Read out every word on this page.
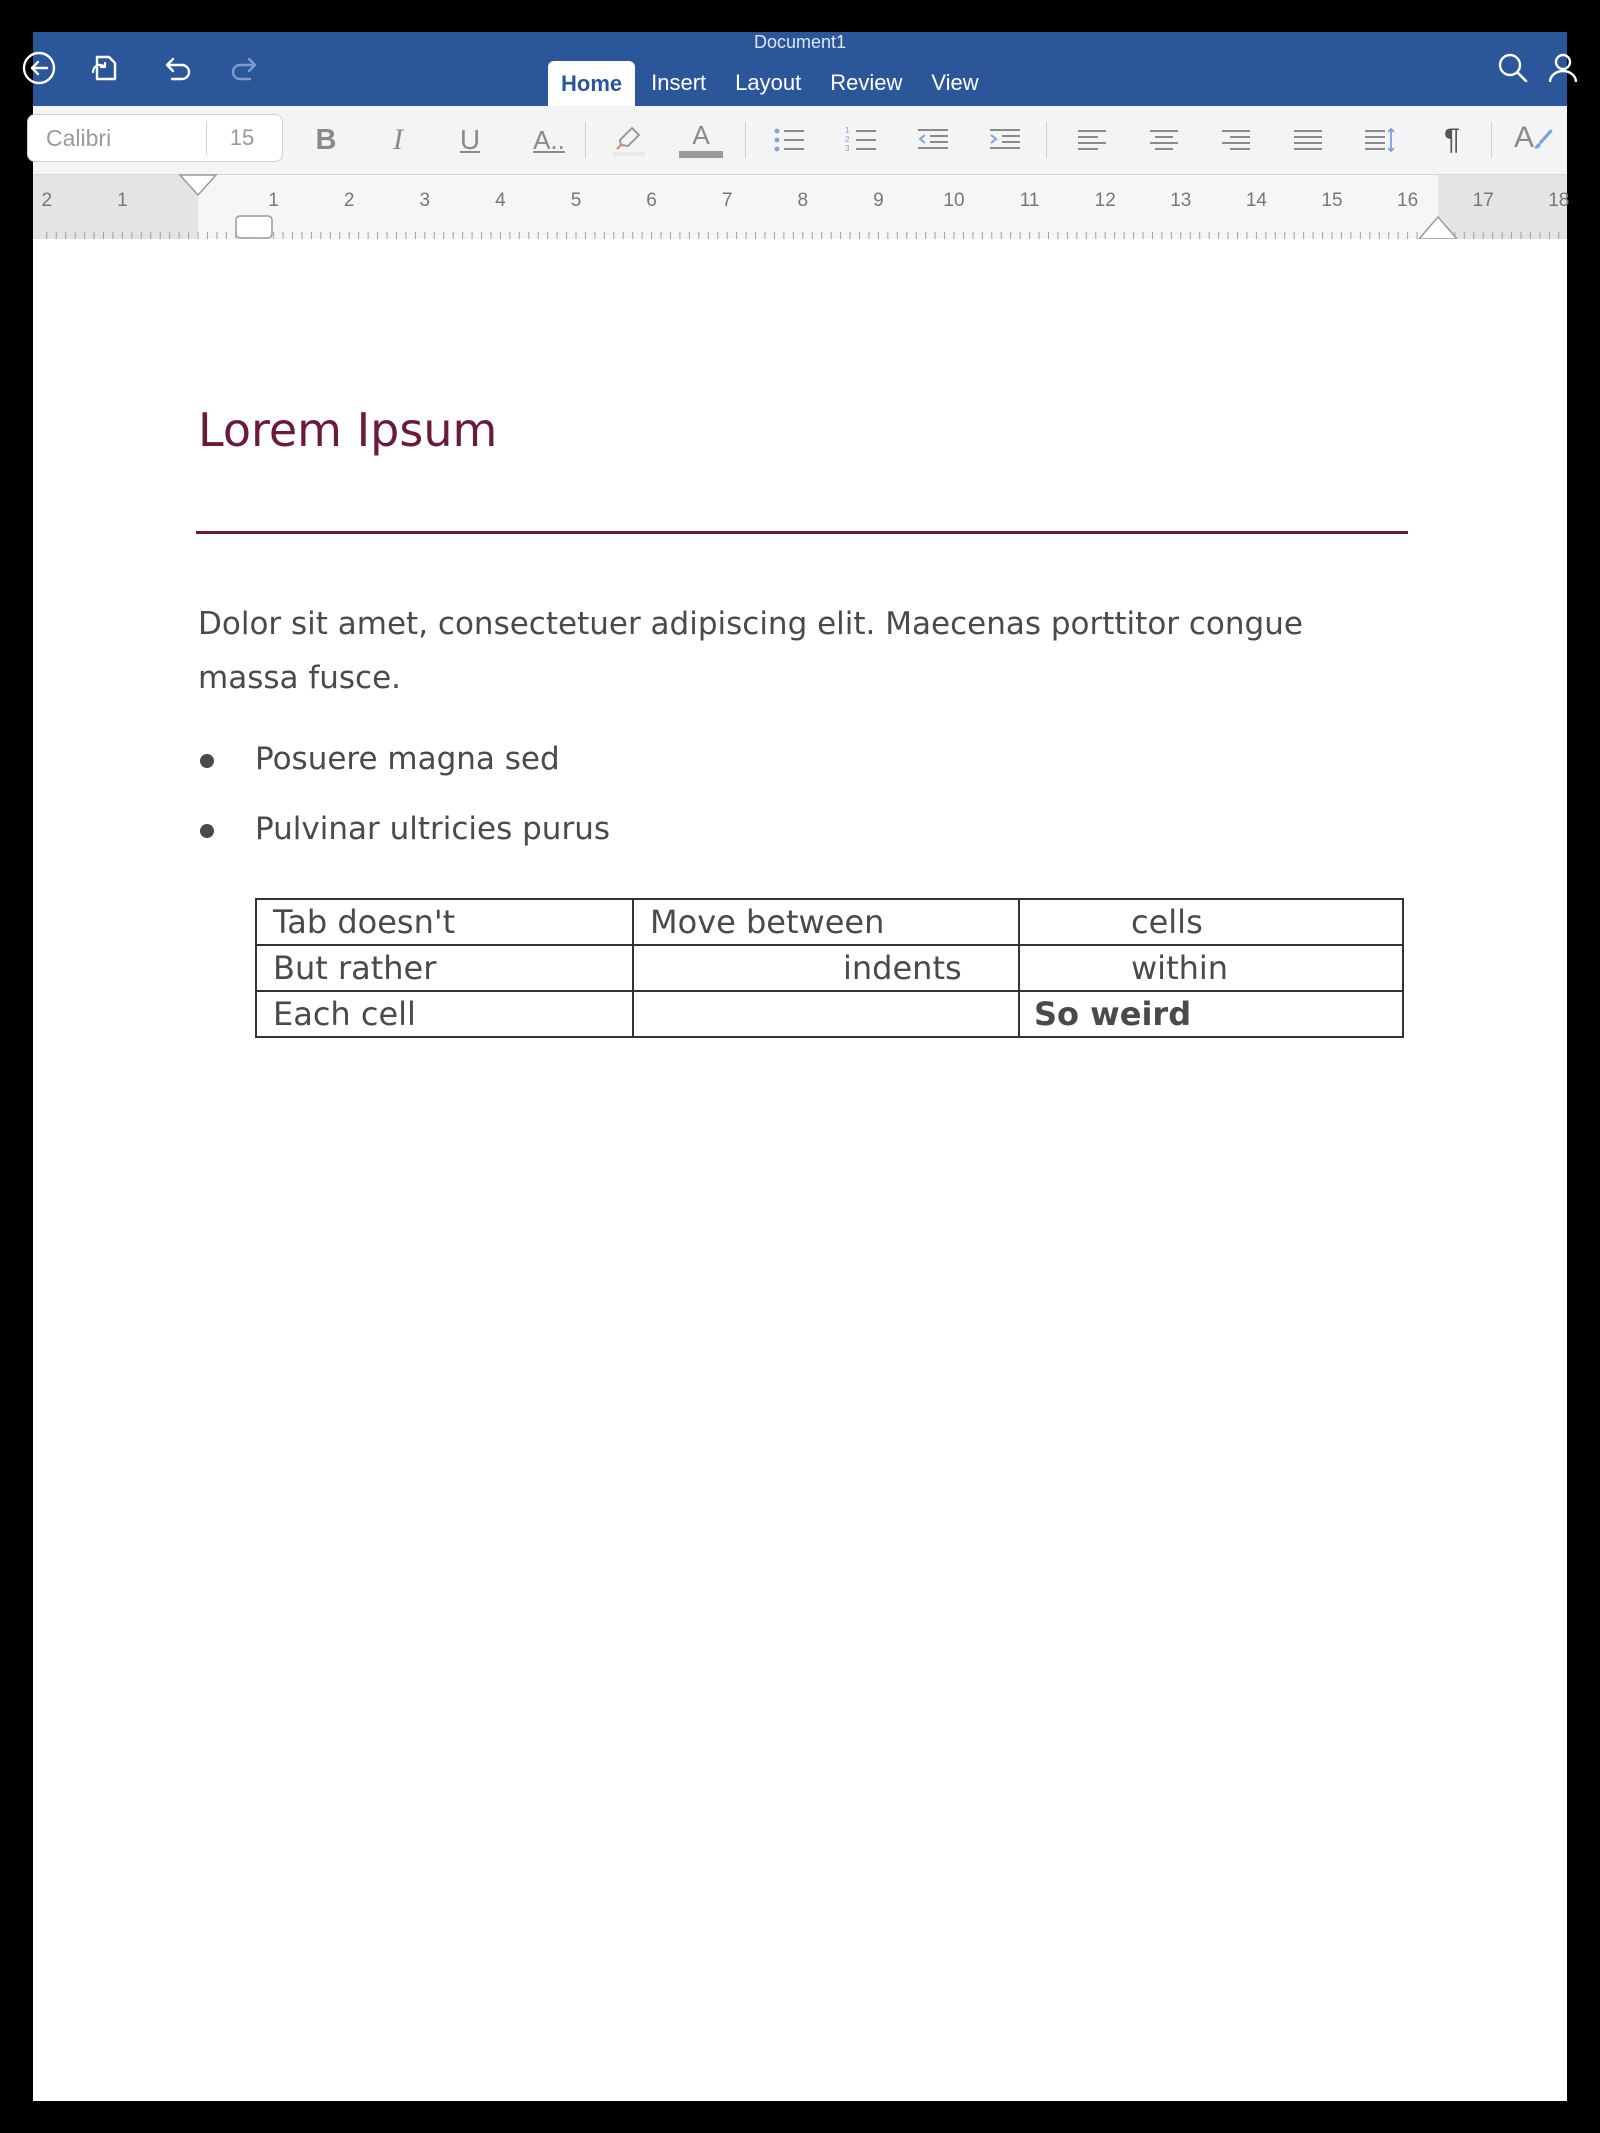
Document1
Home	Insert	Layout	Review	View
Calibri	15	B I U A..	A	1
2
3	¶ A
2	1	1	2	3	4	5	6	7	8	9	10	11	12	13	14	15	16	17	18
Lorem Ipsum

Dolor sit amet, consectetuer adipiscing elit. Maecenas porttitor congue massa fusce.

Posuere magna sed
Pulvinar ultricies purus
Tab doesn't	Move between	cells
But rather	indents	within
Each cell		So weird
